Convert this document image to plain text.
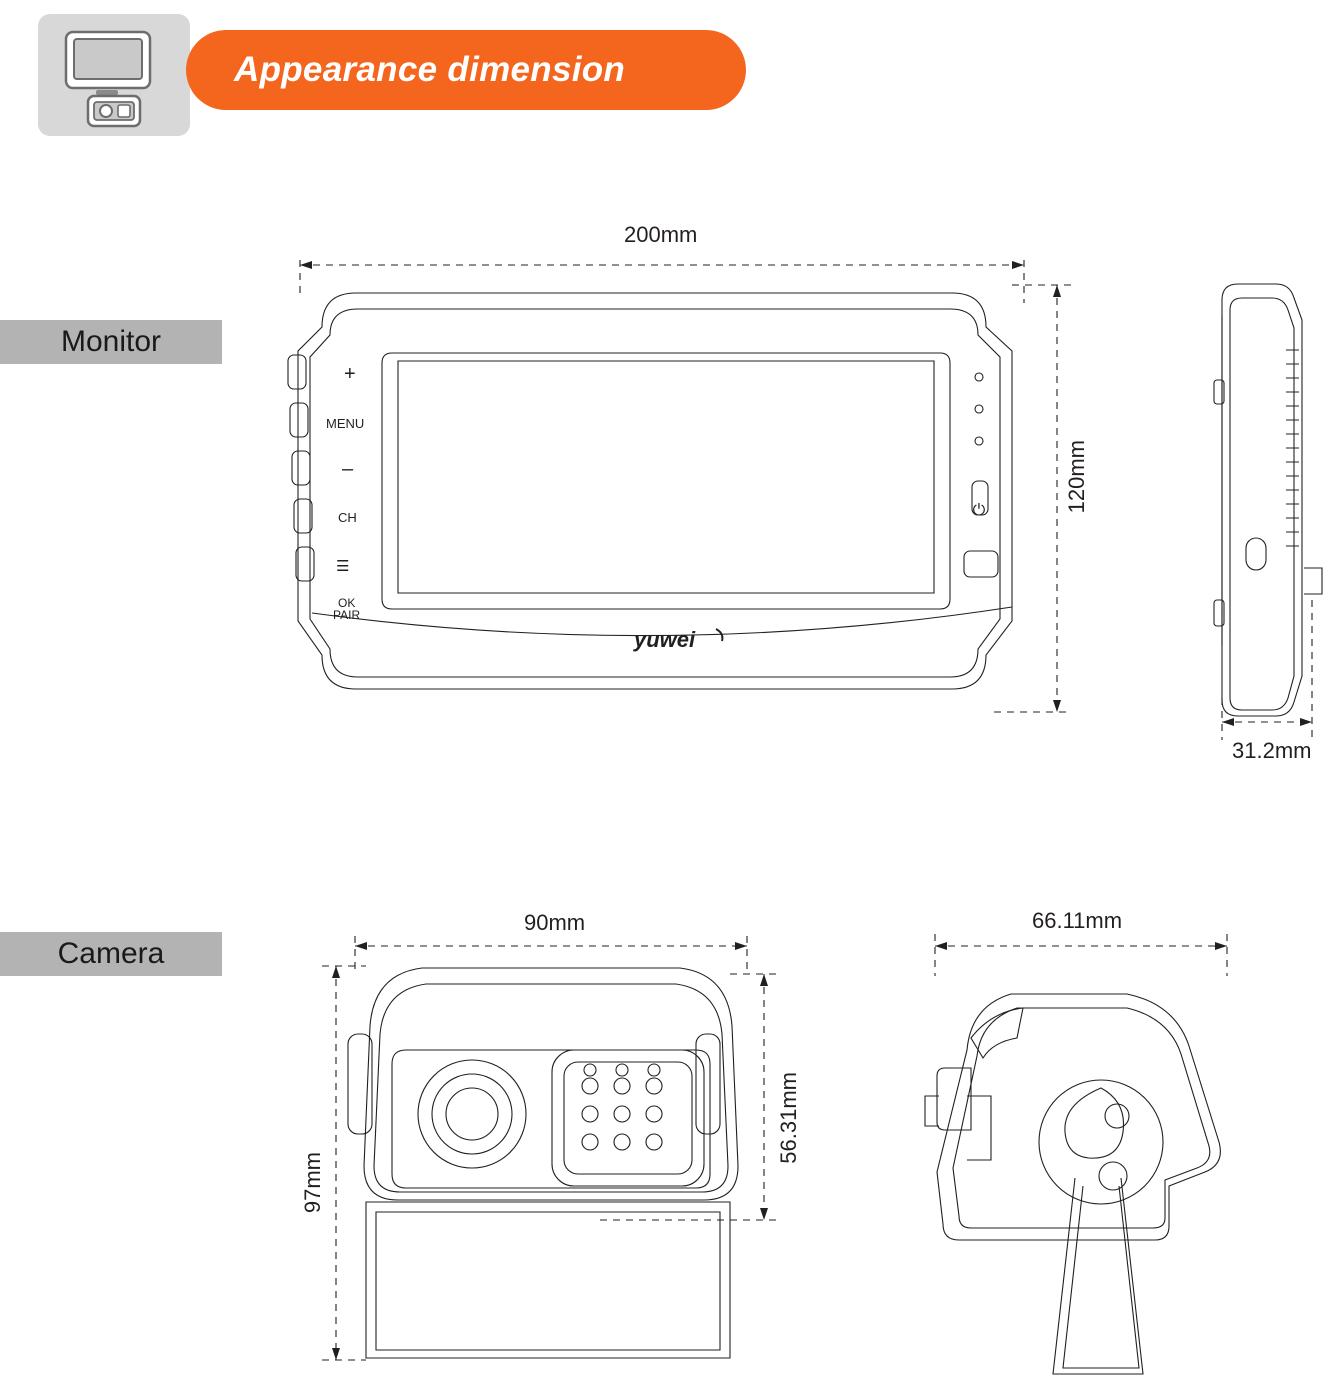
Appearance dimension
Monitor
Camera
+
MENU
–
CH
☰
OK
PAIR
⏻
yuwei
200mm
120mm
31.2mm
90mm
56.31mm
97mm
66.11mm
